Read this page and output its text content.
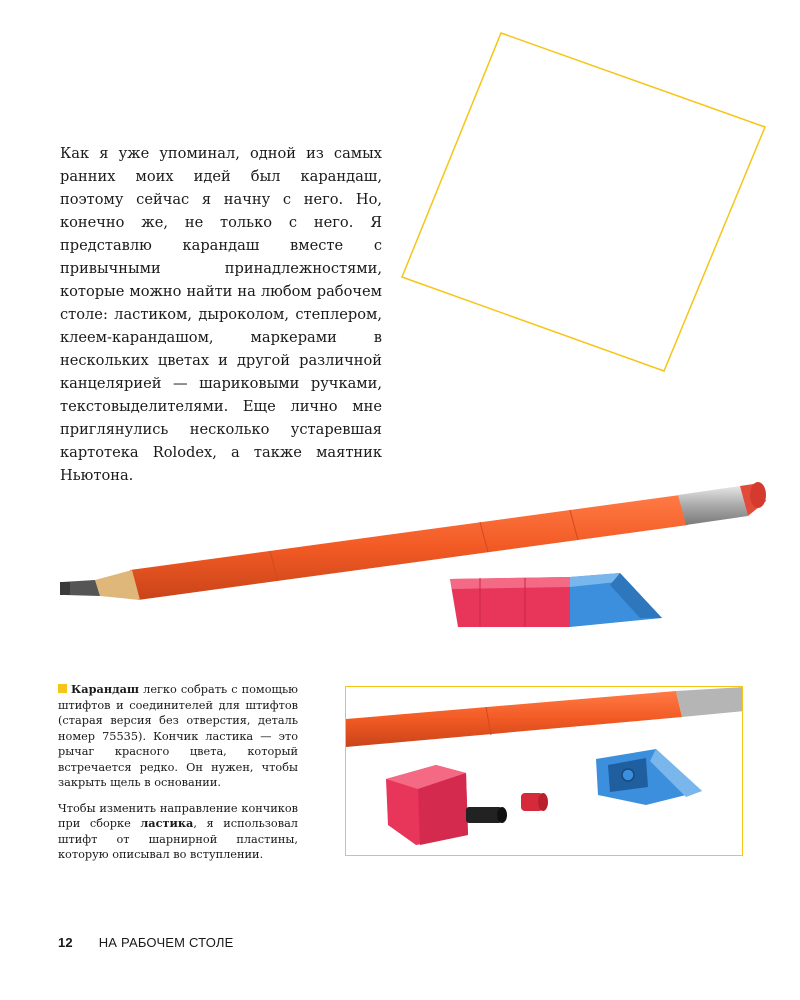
Как я уже упоминал, одной из самых ранних моих идей был карандаш, поэтому сейчас я начну с него. Но, конечно же, не только с него. Я представлю карандаш вместе с привычными принадлежностями, которые можно найти на любом рабочем столе: ластиком, дыроколом, степлером, клеем-карандашом, маркерами в нескольких цветах и другой различной канцелярией — шариковыми ручками, текстовыделителями. Еще лично мне приглянулись несколько устаревшая картотека Rolodex, а также маятник Ньютона.

Карандаш легко собрать с помощью штифтов и соединителей для штифтов (старая версия без отверстия, деталь номер 75535). Кончик ластика — это рычаг красного цвета, который встречается редко. Он нужен, чтобы закрыть щель в основании.

Чтобы изменить направление кончиков при сборке ластика, я использовал штифт от шарнирной пластины, которую описывал во вступлении.

12 НА РАБОЧЕМ СТОЛЕ
